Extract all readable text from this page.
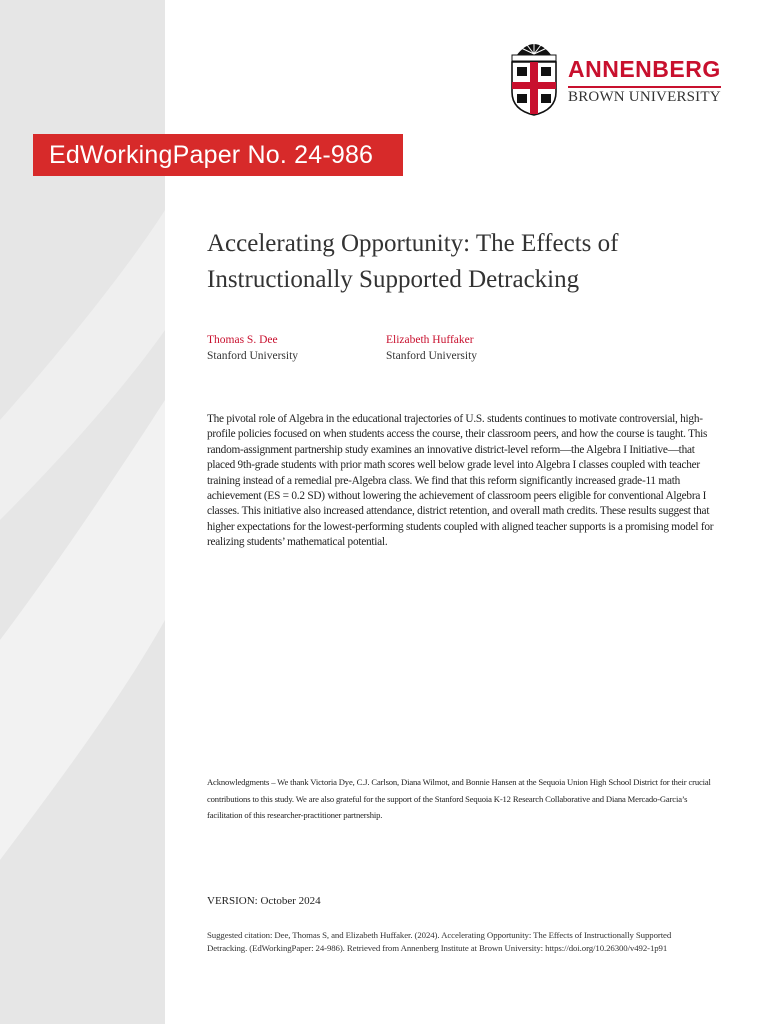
EdWorkingPaper No. 24-986
ANNENBERG
BROWN UNIVERSITY
Accelerating Opportunity: The Effects of Instructionally Supported Detracking
Thomas S. Dee
Stanford University
Elizabeth Huffaker
Stanford University

The pivotal role of Algebra in the educational trajectories of U.S. students continues to motivate controversial, high-profile policies focused on when students access the course, their classroom peers, and how the course is taught. This random-assignment partnership study examines an innovative district-level reform—the Algebra I Initiative—that placed 9th-grade students with prior math scores well below grade level into Algebra I classes coupled with teacher training instead of a remedial pre-Algebra class. We find that this reform significantly increased grade-11 math achievement (ES = 0.2 SD) without lowering the achievement of classroom peers eligible for conventional Algebra I classes. This initiative also increased attendance, district retention, and overall math credits. These results suggest that higher expectations for the lowest-performing students coupled with aligned teacher supports is a promising model for realizing students’ mathematical potential.

Acknowledgments – We thank Victoria Dye, C.J. Carlson, Diana Wilmot, and Bonnie Hansen at the Sequoia Union High School District for their crucial contributions to this study. We are also grateful for the support of the Stanford Sequoia K-12 Research Collaborative and Diana Mercado-Garcia’s facilitation of this researcher-practitioner partnership.

VERSION: October 2024

Suggested citation: Dee, Thomas S, and Elizabeth Huffaker. (2024). Accelerating Opportunity: The Effects of Instructionally Supported Detracking. (EdWorkingPaper: 24-986). Retrieved from Annenberg Institute at Brown University: https://doi.org/10.26300/v492-1p91
